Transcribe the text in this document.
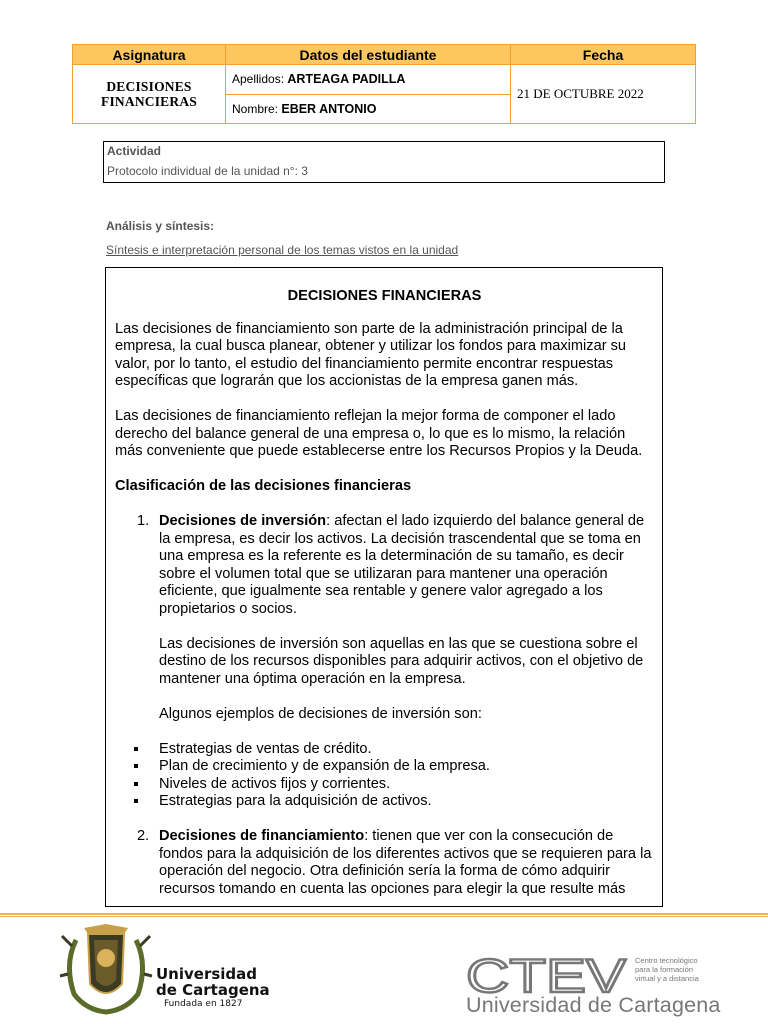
Asignatura	Datos del estudiante	Fecha
DECISIONES
FINANCIERAS	Apellidos: ARTEAGA PADILLA	21 DE OCTUBRE 2022
	Nombre: EBER ANTONIO	
Actividad
Protocolo individual de la unidad n°: 3
Análisis y síntesis:
Síntesis e interpretación personal de los temas vistos en la unidad
DECISIONES FINANCIERAS

Las decisiones de financiamiento son parte de la administración principal de la empresa, la cual busca planear, obtener y utilizar los fondos para maximizar su valor, por lo tanto, el estudio del financiamiento permite encontrar respuestas específicas que lograrán que los accionistas de la empresa ganen más.

Las decisiones de financiamiento reflejan la mejor forma de componer el lado derecho del balance general de una empresa o, lo que es lo mismo, la relación más conveniente que puede establecerse entre los Recursos Propios y la Deuda.

Clasificación de las decisiones financieras

1. Decisiones de inversión: afectan el lado izquierdo del balance general de la empresa, es decir los activos. La decisión trascendental que se toma en una empresa es la referente es la determinación de su tamaño, es decir sobre el volumen total que se utilizaran para mantener una operación eficiente, que igualmente sea rentable y genere valor agregado a los propietarios o socios.

Las decisiones de inversión son aquellas en las que se cuestiona sobre el destino de los recursos disponibles para adquirir activos, con el objetivo de mantener una óptima operación en la empresa.

Algunos ejemplos de decisiones de inversión son:

Estrategias de ventas de crédito.
Plan de crecimiento y de expansión de la empresa.
Niveles de activos fijos y corrientes.
Estrategias para la adquisición de activos.

2. Decisiones de financiamiento: tienen que ver con la consecución de fondos para la adquisición de los diferentes activos que se requieren para la operación del negocio. Otra definición sería la forma de cómo adquirir recursos tomando en cuenta las opciones para elegir la que resulte más

Universidad
de Cartagena
Fundada en 1827
CTEV Centro tecnológico
para la formación
virtual y a distancia
Universidad de Cartagena
